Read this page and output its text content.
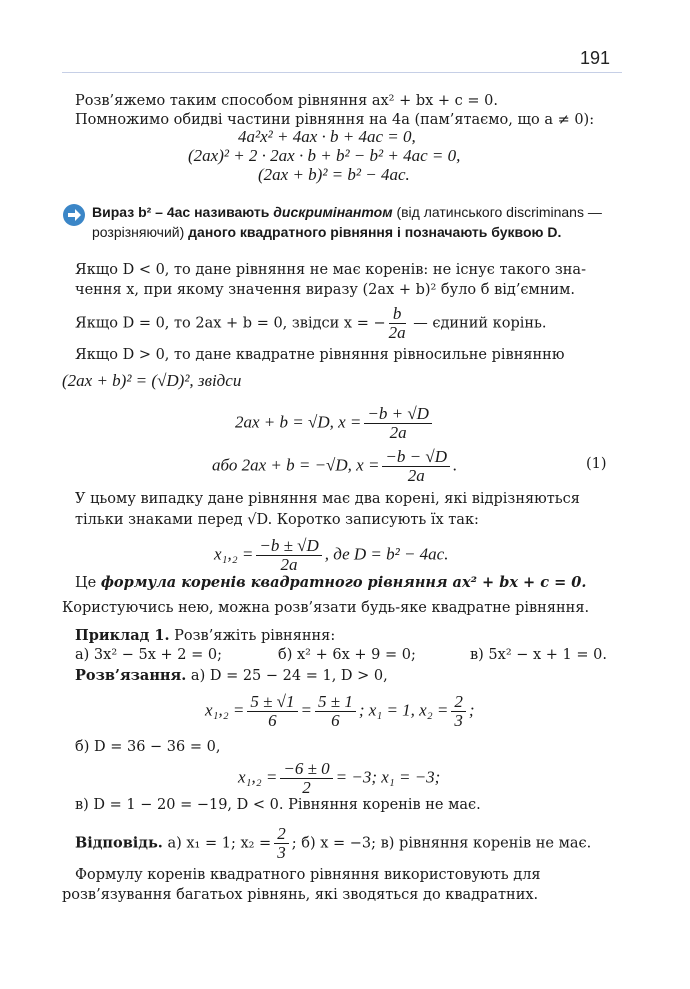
191
Розв’яжемо таким способом рівняння ax² + bx + c = 0.
Помножимо обидві частини рівняння на 4a (пам’ятаємо, що a ≠ 0):
4a²x² + 4ax · b + 4ac = 0,
(2ax)² + 2 · 2ax · b + b² − b² + 4ac = 0,
(2ax + b)² = b² − 4ac.
Вираз b² – 4ac називають дискримінантом (від латинського discriminans —
розрізняючий) даного квадратного рівняння і позначають буквою D.
Якщо D < 0, то дане рівняння не має коренів: не існує такого зна-
чення x, при якому значення виразу (2ax + b)² було б від’ємним.
Якщо D = 0, то 2ax + b = 0, звідси x = − $\frac{b}{2a}$ — єдиний корінь.
Якщо D > 0, то дане квадратне рівняння рівносильне рівнянню
(2ax + b)² = (√D)², звідси
2ax + b = √D, $x = \frac{-b + √D}{2a}$
або 2ax + b = −√D, $x = \frac{-b - √D}{2a}$ .	(1)
У цьому випадку дане рівняння має два корені, які відрізняються
тільки знаками перед √D. Коротко записують їх так:
$x_1,_2 = \frac{-b \pm √D}{2a}$ , де D = b² − 4ac.
Це формула коренів квадратного рівняння ax² + bx + c = 0.
Користуючись нею, можна розв’язати будь-яке квадратне рівняння.
Приклад 1. Розв’яжіть рівняння:
а) 3x² − 5x + 2 = 0;	б) x² + 6x + 9 = 0;	в) 5x² − x + 1 = 0.
Розв’язання. а) D = 25 − 24 = 1, D > 0,
$x_1,_2 = \frac{5 \pm √1}{6} = \frac{5 \pm 1}{6}$ ; x₁ = 1, $x_2 = \frac{2}{3}$ ;
б) D = 36 − 36 = 0,
$x_1,_2 = \frac{-6 \pm 0}{2} = -3$; x₁ = −3;
в) D = 1 − 20 = −19, D < 0. Рівняння коренів не має.
Відповідь. а) x₁ = 1; $x_2 = \frac{2}{3}$ ; б) x = −3; в) рівняння коренів не має.
Формулу коренів квадратного рівняння використовують для
розв’язування багатьох рівнянь, які зводяться до квадратних.
